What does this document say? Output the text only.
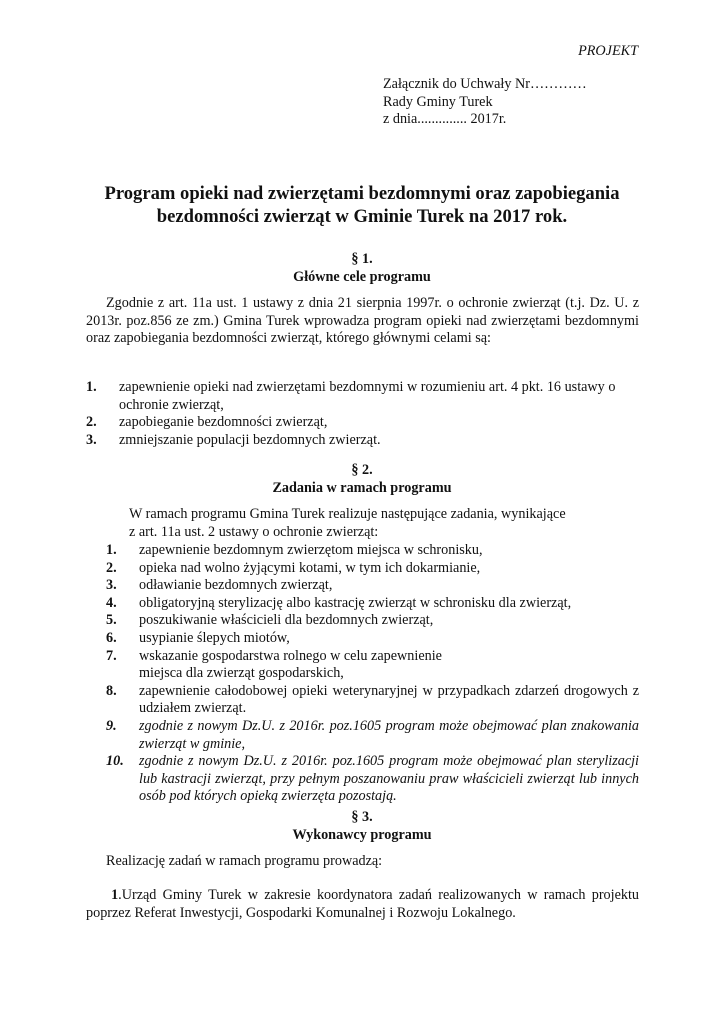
PROJEKT
Załącznik do Uchwały Nr…………
Rady Gminy Turek
z dnia.............. 2017r.
Program opieki nad zwierzętami bezdomnymi oraz zapobiegania
bezdomności zwierząt w Gminie Turek na 2017 rok.
§ 1.
Główne cele programu
Zgodnie z art. 11a ust. 1 ustawy z dnia 21 sierpnia 1997r. o ochronie zwierząt (t.j. Dz. U. z 2013r. poz.856 ze zm.) Gmina Turek wprowadza program opieki nad zwierzętami bezdomnymi oraz zapobiegania bezdomności zwierząt, którego głównymi celami są:
1. zapewnienie opieki nad zwierzętami bezdomnymi w rozumieniu art. 4 pkt. 16 ustawy o ochronie zwierząt,
2. zapobieganie bezdomności zwierząt,
3. zmniejszanie populacji bezdomnych zwierząt.
§ 2.
Zadania w ramach programu
W ramach programu Gmina Turek realizuje następujące zadania, wynikające
z art. 11a ust. 2 ustawy o ochronie zwierząt:
1. zapewnienie bezdomnym zwierzętom miejsca w schronisku,
2. opieka nad wolno żyjącymi kotami, w tym ich dokarmianie,
3. odławianie bezdomnych zwierząt,
4. obligatoryjną sterylizację albo kastrację zwierząt w schronisku dla zwierząt,
5. poszukiwanie właścicieli dla bezdomnych zwierząt,
6. usypianie ślepych miotów,
7. wskazanie gospodarstwa rolnego w celu zapewnienie miejsca dla zwierząt gospodarskich,
8. zapewnienie całodobowej opieki weterynaryjnej w przypadkach zdarzeń drogowych z udziałem zwierząt.
9. zgodnie z nowym Dz.U. z 2016r. poz.1605 program może obejmować plan znakowania zwierząt w gminie,
10. zgodnie z nowym Dz.U. z 2016r. poz.1605 program może obejmować plan sterylizacji lub kastracji zwierząt, przy pełnym poszanowaniu praw właścicieli zwierząt lub innych osób pod których opieką zwierzęta pozostają.
§ 3.
Wykonawcy programu
Realizację zadań w ramach programu prowadzą:
1.Urząd Gminy Turek w zakresie koordynatora zadań realizowanych w ramach projektu poprzez Referat Inwestycji, Gospodarki Komunalnej i Rozwoju Lokalnego.
